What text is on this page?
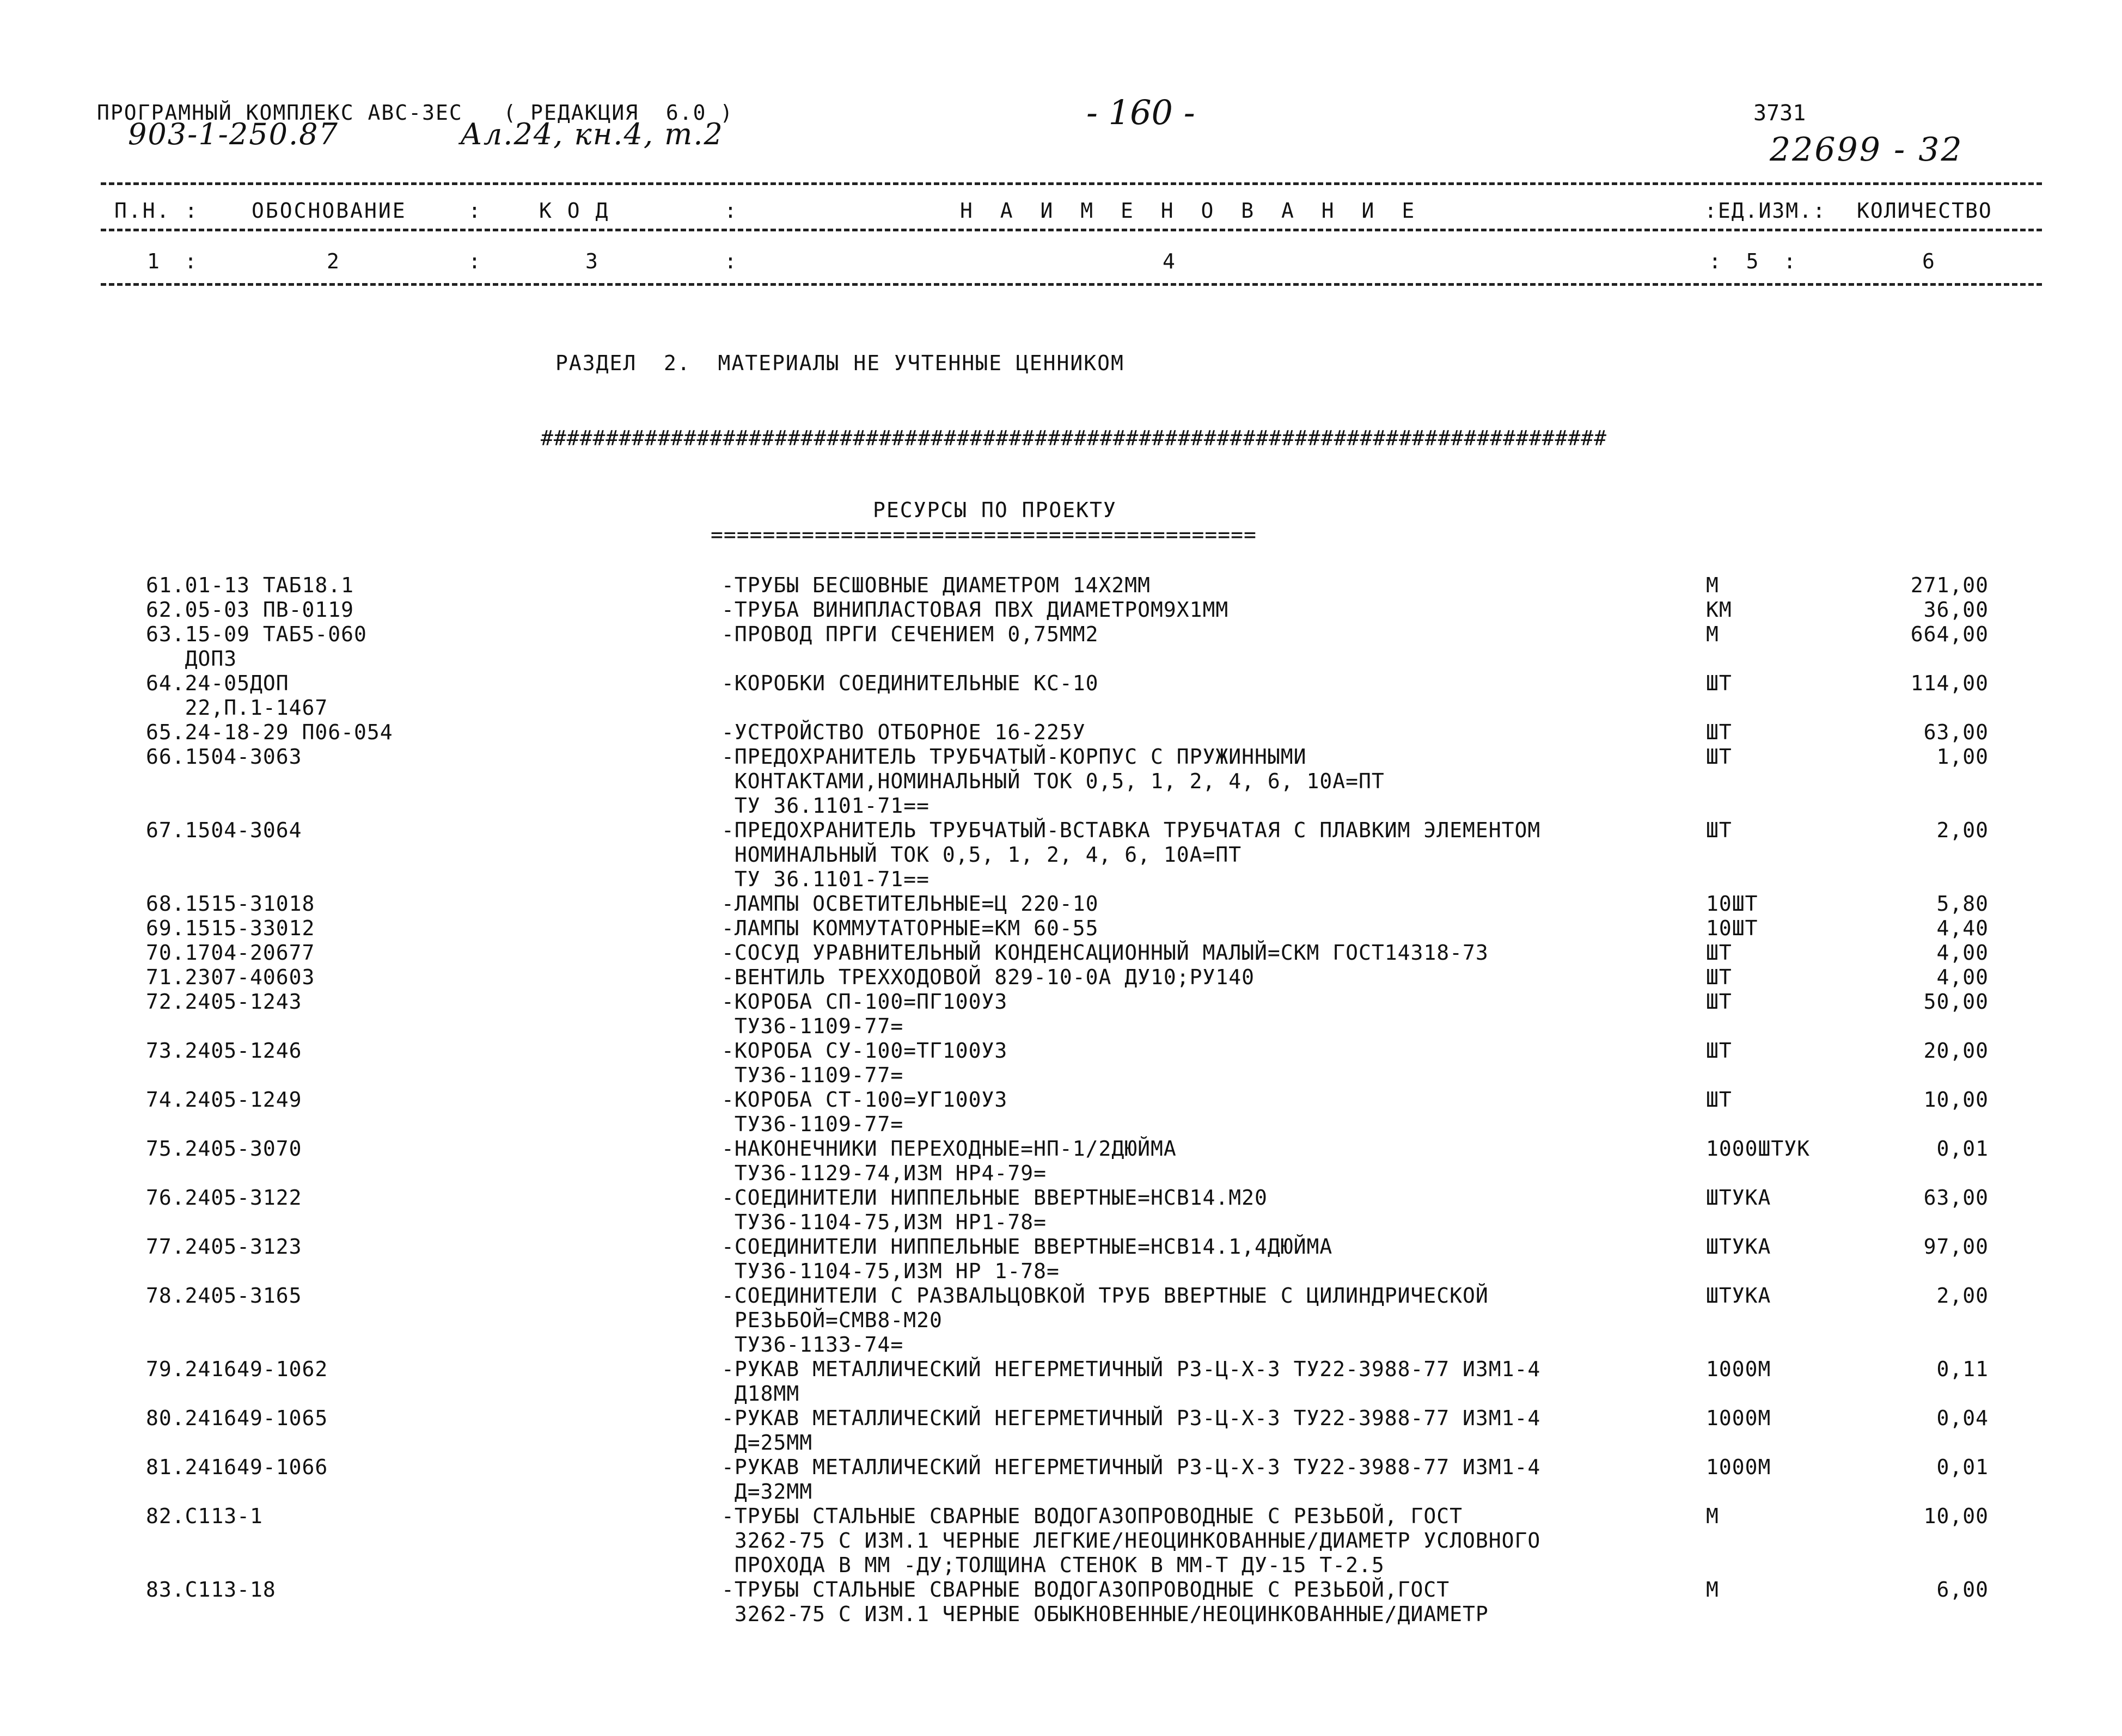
ПРОГРАМНЫЙ КОМПЛЕКС АВС-ЗЕС   ( РЕДАКЦИЯ  6.0 )
903-1-250.87	Ал.24, кн.4, т.2
- 160 -	3731
22699 - 32
П.Н. :	ОБОСНОВАНИЕ	:	К О Д	:	Н А И М Е Н О В А Н И Е	:ЕД.ИЗМ.: КОЛИЧЕСТВО
1  :	2	:	3	:	4	:  5  :	6
РАЗДЕЛ  2.  МАТЕРИАЛЫ НЕ УЧТЕННЫЕ ЦЕННИКОМ
##################################################################################
РЕСУРСЫ ПО ПРОЕКТУ
==========================================
61.01-13 ТАБ18.1	-ТРУБЫ БЕСШОВНЫЕ ДИАМЕТРОМ 14Х2ММ	М	271,00
62.05-03 ПВ-0119	-ТРУБА ВИНИПЛАСТОВАЯ ПВХ ДИАМЕТРОМ9Х1ММ	КМ	36,00
63.15-09 ТАБ5-060
ДОП3
-ПРОВОД ПРГИ СЕЧЕНИЕМ 0,75ММ2	М	664,00
64.24-05ДОП
22,П.1-1467
-КОРОБКИ СОЕДИНИТЕЛЬНЫЕ КС-10	ШТ	114,00
65.24-18-29 П06-054	-УСТРОЙСТВО ОТБОРНОЕ 16-225У	ШТ	63,00
66.1504-3063	-ПРЕДОХРАНИТЕЛЬ ТРУБЧАТЫЙ-КОРПУС С ПРУЖИННЫМИ
КОНТАКТАМИ,НОМИНАЛЬНЫЙ ТОК 0,5, 1, 2, 4, 6, 10А=ПТ
ТУ 36.1101-71==
ШТ	1,00
67.1504-3064	-ПРЕДОХРАНИТЕЛЬ ТРУБЧАТЫЙ-ВСТАВКА ТРУБЧАТАЯ С ПЛАВКИМ ЭЛЕМЕНТОМ
НОМИНАЛЬНЫЙ ТОК 0,5, 1, 2, 4, 6, 10А=ПТ
ТУ 36.1101-71==
ШТ	2,00
68.1515-31018	-ЛАМПЫ ОСВЕТИТЕЛЬНЫЕ=Ц 220-10	10ШТ	5,80
69.1515-33012	-ЛАМПЫ КОММУТАТОРНЫЕ=КМ 60-55	10ШТ	4,40
70.1704-20677	-СОСУД УРАВНИТЕЛЬНЫЙ КОНДЕНСАЦИОННЫЙ МАЛЫЙ=СКМ ГОСТ14318-73	ШТ	4,00
71.2307-40603	-ВЕНТИЛЬ ТРЕХХОДОВОЙ 829-10-0А ДУ10;РУ140	ШТ	4,00
72.2405-1243	-КОРОБА СП-100=ПГ100У3
ТУ36-1109-77=
ШТ	50,00
73.2405-1246	-КОРОБА СУ-100=ТГ100У3
ТУ36-1109-77=
ШТ	20,00
74.2405-1249	-КОРОБА СТ-100=УГ100У3
ТУ36-1109-77=
ШТ	10,00
75.2405-3070	-НАКОНЕЧНИКИ ПЕРЕХОДНЫЕ=НП-1/2ДЮЙМА
ТУ36-1129-74,ИЗМ НР4-79=
1000ШТУК	0,01
76.2405-3122	-СОЕДИНИТЕЛИ НИППЕЛЬНЫЕ ВВЕРТНЫЕ=НСВ14.М20
ТУ36-1104-75,ИЗМ НР1-78=
ШТУКА	63,00
77.2405-3123	-СОЕДИНИТЕЛИ НИППЕЛЬНЫЕ ВВЕРТНЫЕ=НСВ14.1,4ДЮЙМА
ТУ36-1104-75,ИЗМ НР 1-78=
ШТУКА	97,00
78.2405-3165	-СОЕДИНИТЕЛИ С РАЗВАЛЬЦОВКОЙ ТРУБ ВВЕРТНЫЕ С ЦИЛИНДРИЧЕСКОЙ
РЕЗЬБОЙ=СМВ8-М20
ТУ36-1133-74=
ШТУКА	2,00
79.241649-1062	-РУКАВ МЕТАЛЛИЧЕСКИЙ НЕГЕРМЕТИЧНЫЙ РЗ-Ц-Х-3 ТУ22-3988-77 ИЗМ1-4
Д18ММ
1000М	0,11
80.241649-1065	-РУКАВ МЕТАЛЛИЧЕСКИЙ НЕГЕРМЕТИЧНЫЙ РЗ-Ц-Х-3 ТУ22-3988-77 ИЗМ1-4
Д=25ММ
1000М	0,04
81.241649-1066	-РУКАВ МЕТАЛЛИЧЕСКИЙ НЕГЕРМЕТИЧНЫЙ РЗ-Ц-Х-3 ТУ22-3988-77 ИЗМ1-4
Д=32ММ
1000М	0,01
82.С113-1	-ТРУБЫ СТАЛЬНЫЕ СВАРНЫЕ ВОДОГАЗОПРОВОДНЫЕ С РЕЗЬБОЙ, ГОСТ
3262-75 С ИЗМ.1 ЧЕРНЫЕ ЛЕГКИЕ/НЕОЦИНКОВАННЫЕ/ДИАМЕТР УСЛОВНОГО
ПРОХОДА В ММ -ДУ;ТОЛЩИНА СТЕНОК В ММ-Т ДУ-15 Т-2.5
М	10,00
83.С113-18	-ТРУБЫ СТАЛЬНЫЕ СВАРНЫЕ ВОДОГАЗОПРОВОДНЫЕ С РЕЗЬБОЙ,ГОСТ
3262-75 С ИЗМ.1 ЧЕРНЫЕ ОБЫКНОВЕННЫЕ/НЕОЦИНКОВАННЫЕ/ДИАМЕТР
М	6,00
